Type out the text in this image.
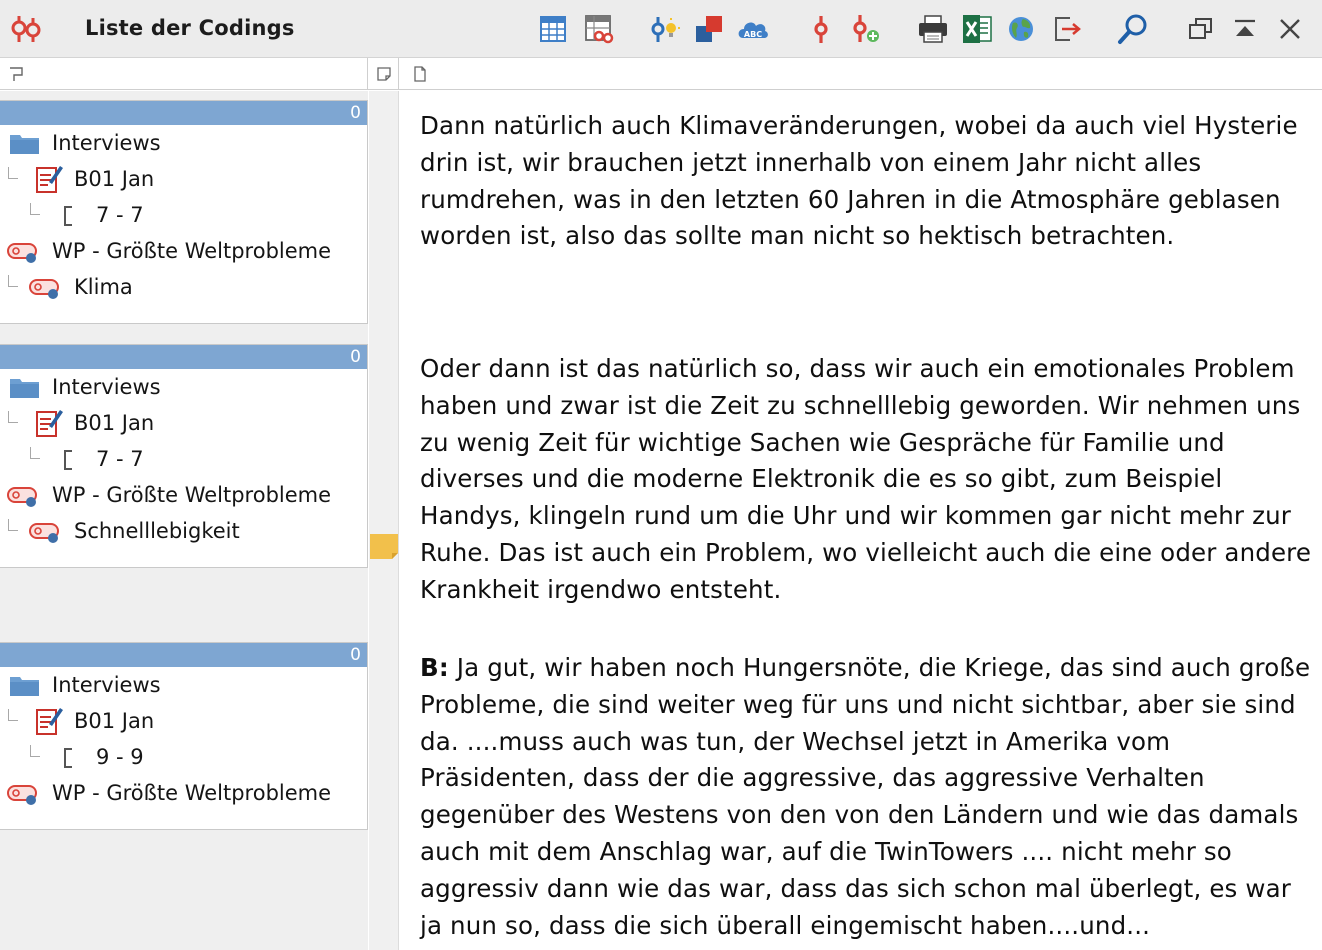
Liste der Codings	ABC
0
Interviews
B01 Jan
7 - 7
WP - Größte Weltprobleme
Klima
0
Interviews
B01 Jan
7 - 7
WP - Größte Weltprobleme
Schnelllebigkeit
0
Interviews
B01 Jan
9 - 9
WP - Größte Weltprobleme

Dann natürlich auch Klimaveränderungen, wobei da auch viel Hysterie drin ist, wir brauchen jetzt innerhalb von einem Jahr nicht alles rumdrehen, was in den letzten 60 Jahren in die Atmosphäre geblasen worden ist, also das sollte man nicht so hektisch betrachten.

Oder dann ist das natürlich so, dass wir auch ein emotionales Problem haben und zwar ist die Zeit zu schnelllebig geworden. Wir nehmen uns zu wenig Zeit für wichtige Sachen wie Gespräche für Familie und diverses und die moderne Elektronik die es so gibt, zum Beispiel Handys, klingeln rund um die Uhr und wir kommen gar nicht mehr zur Ruhe. Das ist auch ein Problem, wo vielleicht auch die eine oder andere Krankheit irgendwo entsteht.

B: Ja gut, wir haben noch Hungersnöte, die Kriege, das sind auch große Probleme, die sind weiter weg für uns und nicht sichtbar, aber sie sind da. ....muss auch was tun, der Wechsel jetzt in Amerika vom Präsidenten, dass der die aggressive, das aggressive Verhalten gegenüber des Westens von den von den Ländern und wie das damals auch mit dem Anschlag war, auf die TwinTowers .... nicht mehr so aggressiv dann wie das war, dass das sich schon mal überlegt, es war ja nun so, dass die sich überall eingemischt haben....und...
